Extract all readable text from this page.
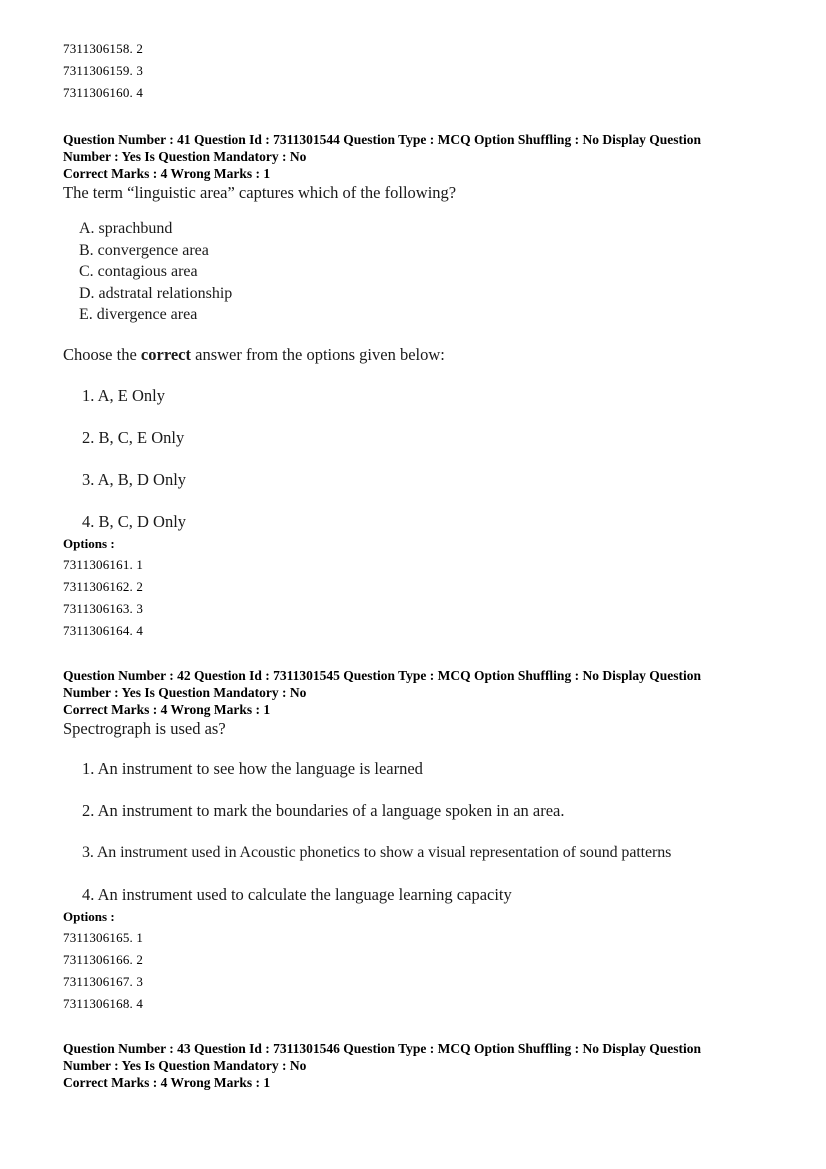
7311306158. 2
7311306159. 3
7311306160. 4
Question Number : 41 Question Id : 7311301544 Question Type : MCQ Option Shuffling : No Display Question
Number : Yes Is Question Mandatory : No
Correct Marks : 4 Wrong Marks : 1
The term “linguistic area” captures which of the following?
A. sprachbund
B. convergence area
C. contagious area
D. adstratal relationship
E. divergence area
Choose the correct answer from the options given below:
1. A, E Only
2. B, C, E Only
3. A, B, D Only
4. B, C, D Only
Options :
7311306161. 1
7311306162. 2
7311306163. 3
7311306164. 4
Question Number : 42 Question Id : 7311301545 Question Type : MCQ Option Shuffling : No Display Question
Number : Yes Is Question Mandatory : No
Correct Marks : 4 Wrong Marks : 1
Spectrograph is used as?
1. An instrument to see how the language is learned
2. An instrument to mark the boundaries of a language spoken in an area.
3. An instrument used in Acoustic phonetics to show a visual representation of sound patterns
4. An instrument used to calculate the language learning capacity
Options :
7311306165. 1
7311306166. 2
7311306167. 3
7311306168. 4
Question Number : 43 Question Id : 7311301546 Question Type : MCQ Option Shuffling : No Display Question
Number : Yes Is Question Mandatory : No
Correct Marks : 4 Wrong Marks : 1
